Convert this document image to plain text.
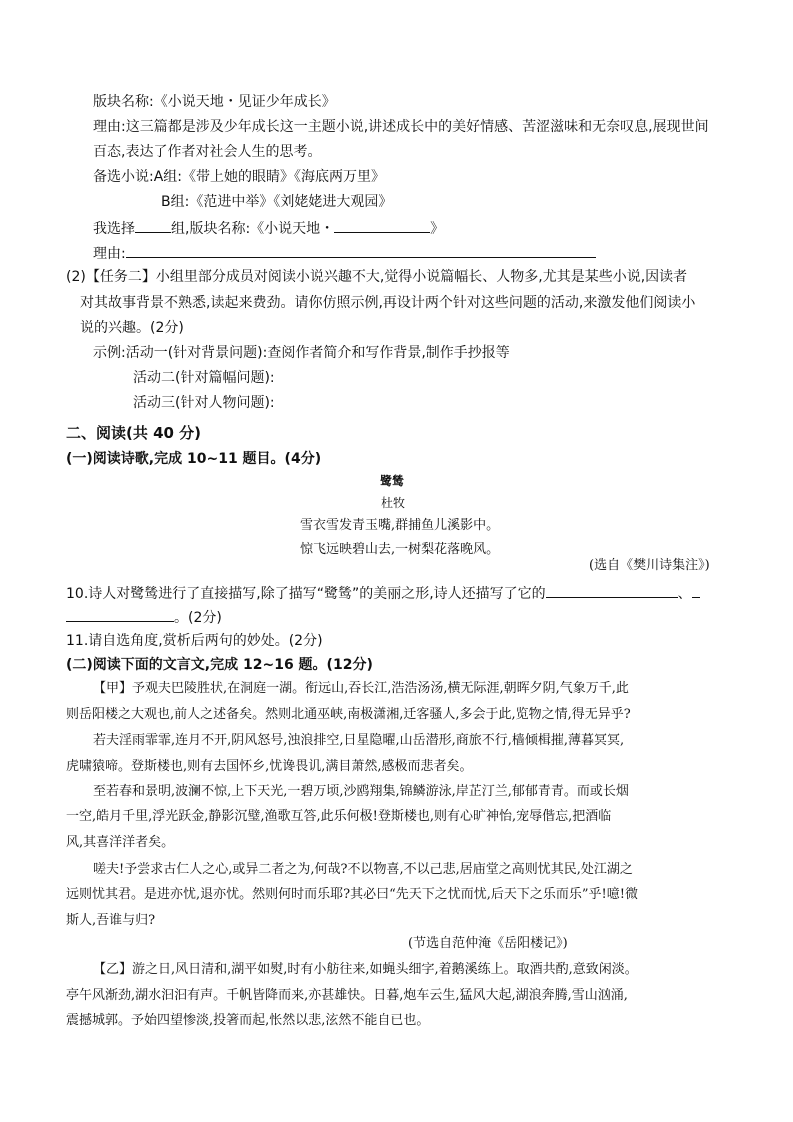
版块名称:《小说天地・见证少年成长》
理由:这三篇都是涉及少年成长这一主题小说,讲述成长中的美好情感、苦涩滋味和无奈叹息,展现世间
百态,表达了作者对社会人生的思考。
备选小说:A组:《带上她的眼睛》《海底两万里》
B组:《范进中举》《刘姥姥进大观园》
我选择	组,版块名称:《小说天地・	》
理由:
(2)【任务二】小组里部分成员对阅读小说兴趣不大,觉得小说篇幅长、人物多,尤其是某些小说,因读者
对其故事背景不熟悉,读起来费劲。请你仿照示例,再设计两个针对这些问题的活动,来激发他们阅读小
说的兴趣。(2分)
示例:活动一(针对背景问题):查阅作者简介和写作背景,制作手抄报等
活动二(针对篇幅问题):
活动三(针对人物问题):
二、阅读(共 40 分)
(一)阅读诗歌,完成 10~11 题目。(4分)
鹭鸶
杜牧
雪衣雪发青玉嘴,群捕鱼儿溪影中。
惊飞远映碧山去,一树梨花落晚风。
(选自《樊川诗集注》)
10.诗人对鹭鸶进行了直接描写,除了描写“鹭鸶”的美丽之形,诗人还描写了它的	、
。(2分)
11.请自选角度,赏析后两句的妙处。(2分)
(二)阅读下面的文言文,完成 12~16 题。(12分)
【甲】予观夫巴陵胜状,在洞庭一湖。衔远山,吞长江,浩浩汤汤,横无际涯,朝晖夕阴,气象万千,此
则岳阳楼之大观也,前人之述备矣。然则北通巫峡,南极潇湘,迁客骚人,多会于此,览物之情,得无异乎?
若夫淫雨霏霏,连月不开,阴风怒号,浊浪排空,日星隐曜,山岳潜形,商旅不行,樯倾楫摧,薄暮冥冥,
虎啸猿啼。登斯楼也,则有去国怀乡,忧谗畏讥,满目萧然,感极而悲者矣。
至若春和景明,波澜不惊,上下天光,一碧万顷,沙鸥翔集,锦鳞游泳,岸芷汀兰,郁郁青青。而或长烟
一空,皓月千里,浮光跃金,静影沉璧,渔歌互答,此乐何极!登斯楼也,则有心旷神怡,宠辱偕忘,把酒临
风,其喜洋洋者矣。
嗟夫!予尝求古仁人之心,或异二者之为,何哉?不以物喜,不以己悲,居庙堂之高则忧其民,处江湖之
远则忧其君。是进亦忧,退亦忧。然则何时而乐耶?其必曰“先天下之忧而忧,后天下之乐而乐”乎!噫!微
斯人,吾谁与归?
(节选自范仲淹《岳阳楼记》)
【乙】游之日,风日清和,湖平如熨,时有小舫往来,如蝇头细字,着鹅溪练上。取酒共酌,意致闲淡。
亭午风渐劲,湖水汩汩有声。千帆皆降而来,亦甚雄快。日暮,炮车云生,猛风大起,湖浪奔腾,雪山汹涌,
震撼城郭。予始四望惨淡,投箸而起,怅然以悲,泫然不能自已也。
